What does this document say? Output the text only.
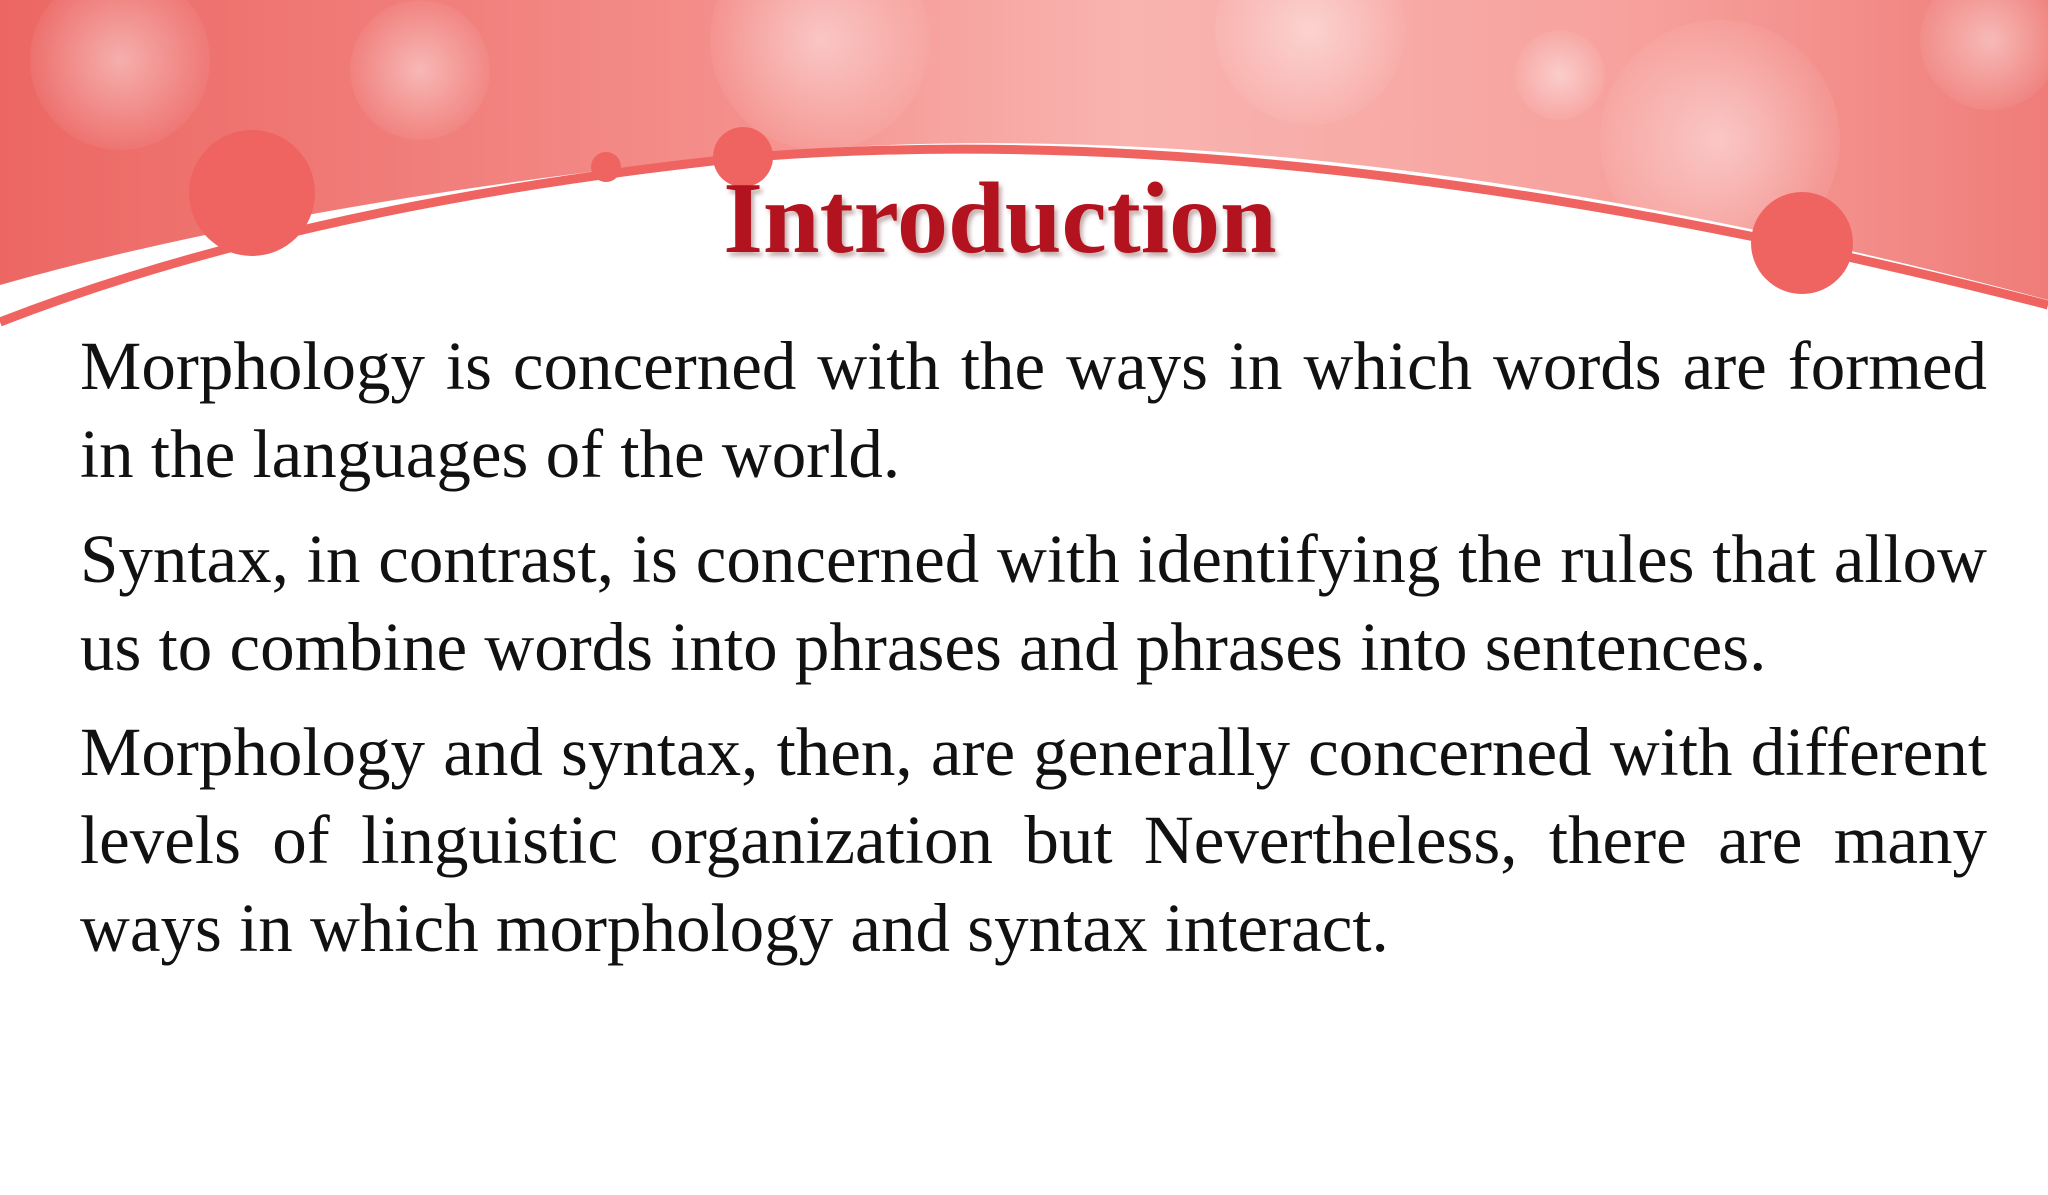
Introduction

Morphology is concerned with the ways in which words are formed in the languages of the world.

Syntax, in contrast, is concerned with identifying the rules that allow us to combine words into phrases and phrases into sentences.

Morphology and syntax, then, are generally concerned with different levels of linguistic organization but Nevertheless, there are many ways in which morphology and syntax interact.
